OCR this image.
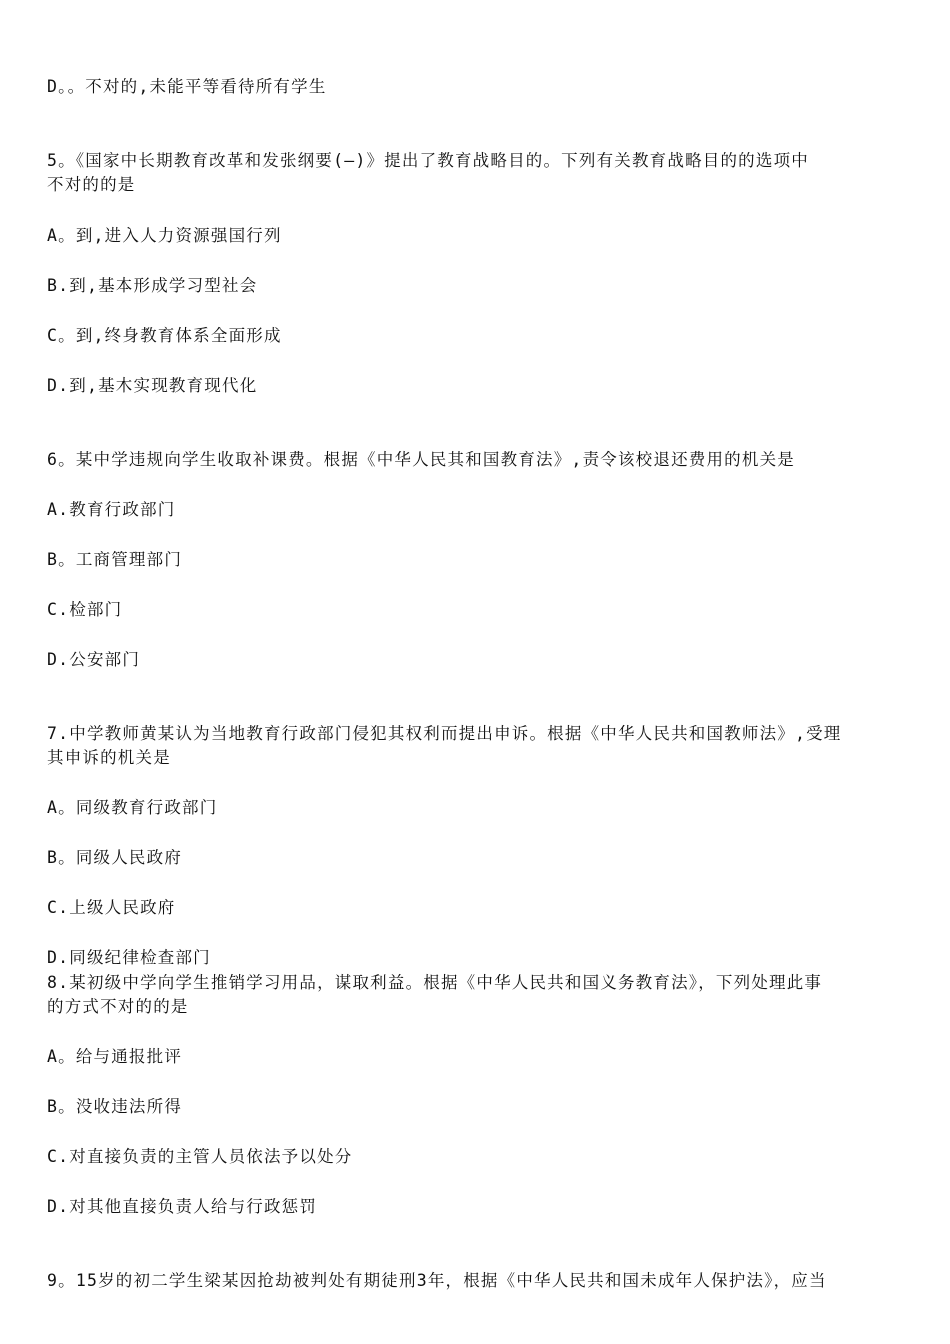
D。。不对的,未能平等看待所有学生
5。《国家中长期教育改革和发张纲要(—)》提出了教育战略目的。下列有关教育战略目的的选项中
不对的的是
A。到,进入人力资源强国行列
B.到,基本形成学习型社会
C。到,终身教育体系全面形成
D.到,基木实现教育现代化
6。某中学违规向学生收取补课费。根据《中华人民其和国教育法》,责令该校退还费用的机关是
A.教育行政部门
B。工商管理部门
C.检部门
D.公安部门
7.中学教师黄某认为当地教育行政部门侵犯其权利而提出申诉。根据《中华人民共和国教师法》,受理
其申诉的机关是
A。同级教育行政部门
B。同级人民政府
C.上级人民政府
D.同级纪律检查部门
8.某初级中学向学生推销学习用品，谋取利益。根据《中华人民共和国义务教育法》，下列处理此事
的方式不对的的是
A。给与通报批评
B。没收违法所得
C.对直接负责的主管人员依法予以处分
D.对其他直接负责人给与行政惩罚
9。15岁的初二学生梁某因抢劫被判处有期徒刑3年，根据《中华人民共和国未成年人保护法》，应当
